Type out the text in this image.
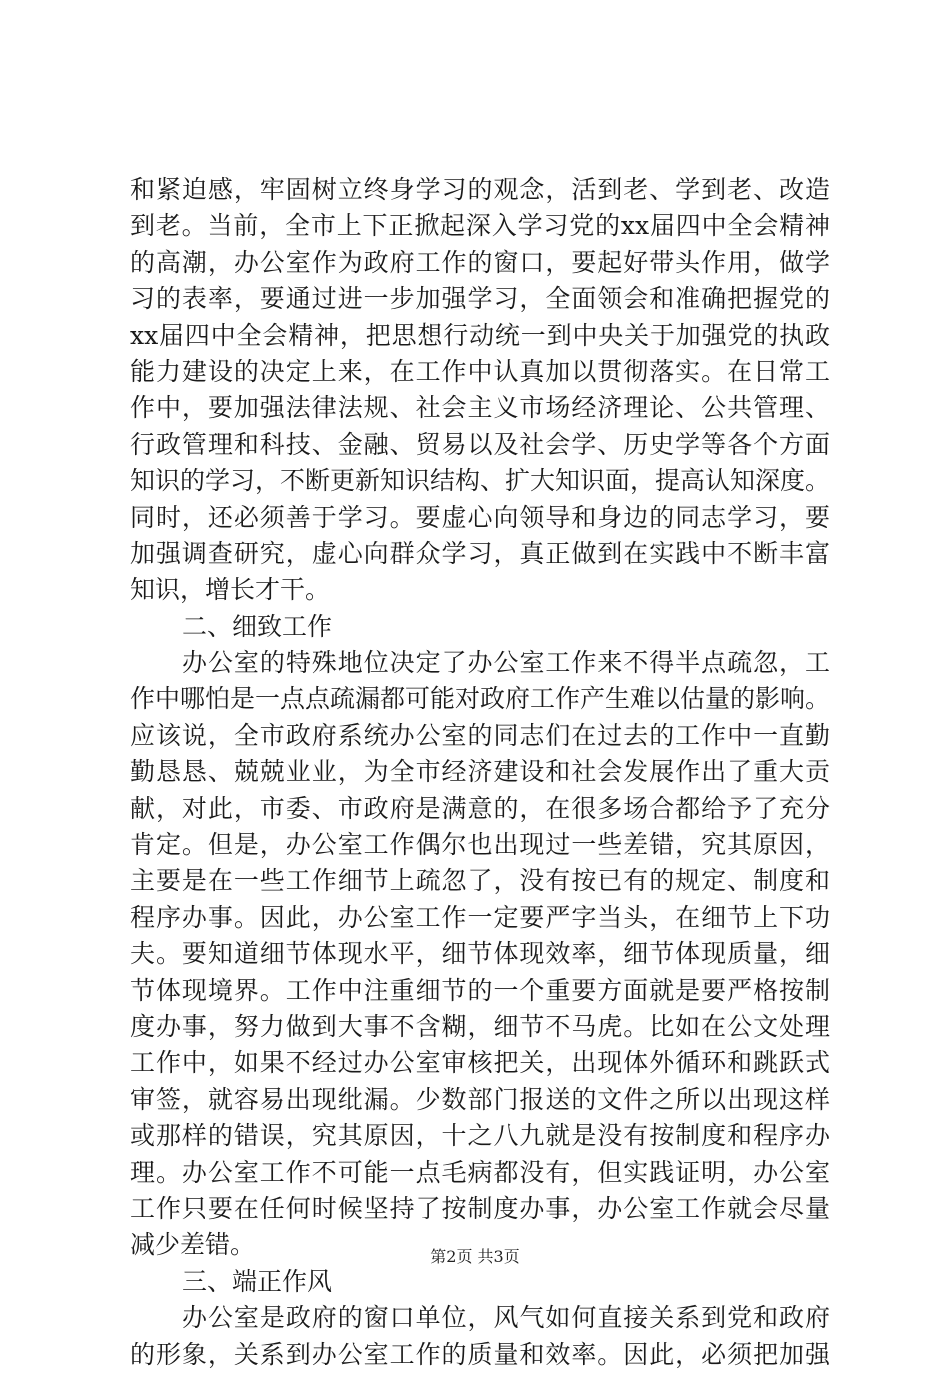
和紧迫感，牢固树立终身学习的观念，活到老、学到老、改造
到老。当前，全市上下正掀起深入学习党的xx届四中全会精神
的高潮，办公室作为政府工作的窗口，要起好带头作用，做学
习的表率，要通过进一步加强学习，全面领会和准确把握党的
xx届四中全会精神，把思想行动统一到中央关于加强党的执政
能力建设的决定上来，在工作中认真加以贯彻落实。在日常工
作中，要加强法律法规、社会主义市场经济理论、公共管理、
行政管理和科技、金融、贸易以及社会学、历史学等各个方面
知识的学习，不断更新知识结构、扩大知识面，提高认知深度。
同时，还必须善于学习。要虚心向领导和身边的同志学习，要
加强调查研究，虚心向群众学习，真正做到在实践中不断丰富
知识，增长才干。
二、细致工作
办公室的特殊地位决定了办公室工作来不得半点疏忽，工
作中哪怕是一点点疏漏都可能对政府工作产生难以估量的影响。
应该说，全市政府系统办公室的同志们在过去的工作中一直勤
勤恳恳、兢兢业业，为全市经济建设和社会发展作出了重大贡
献，对此，市委、市政府是满意的，在很多场合都给予了充分
肯定。但是，办公室工作偶尔也出现过一些差错，究其原因，
主要是在一些工作细节上疏忽了，没有按已有的规定、制度和
程序办事。因此，办公室工作一定要严字当头，在细节上下功
夫。要知道细节体现水平，细节体现效率，细节体现质量，细
节体现境界。工作中注重细节的一个重要方面就是要严格按制
度办事，努力做到大事不含糊，细节不马虎。比如在公文处理
工作中，如果不经过办公室审核把关，出现体外循环和跳跃式
审签，就容易出现纰漏。少数部门报送的文件之所以出现这样
或那样的错误，究其原因，十之八九就是没有按制度和程序办
理。办公室工作不可能一点毛病都没有，但实践证明，办公室
工作只要在任何时候坚持了按制度办事，办公室工作就会尽量
减少差错。
三、端正作风
办公室是政府的窗口单位，风气如何直接关系到党和政府
的形象，关系到办公室工作的质量和效率。因此，必须把加强
第2页 共3页
